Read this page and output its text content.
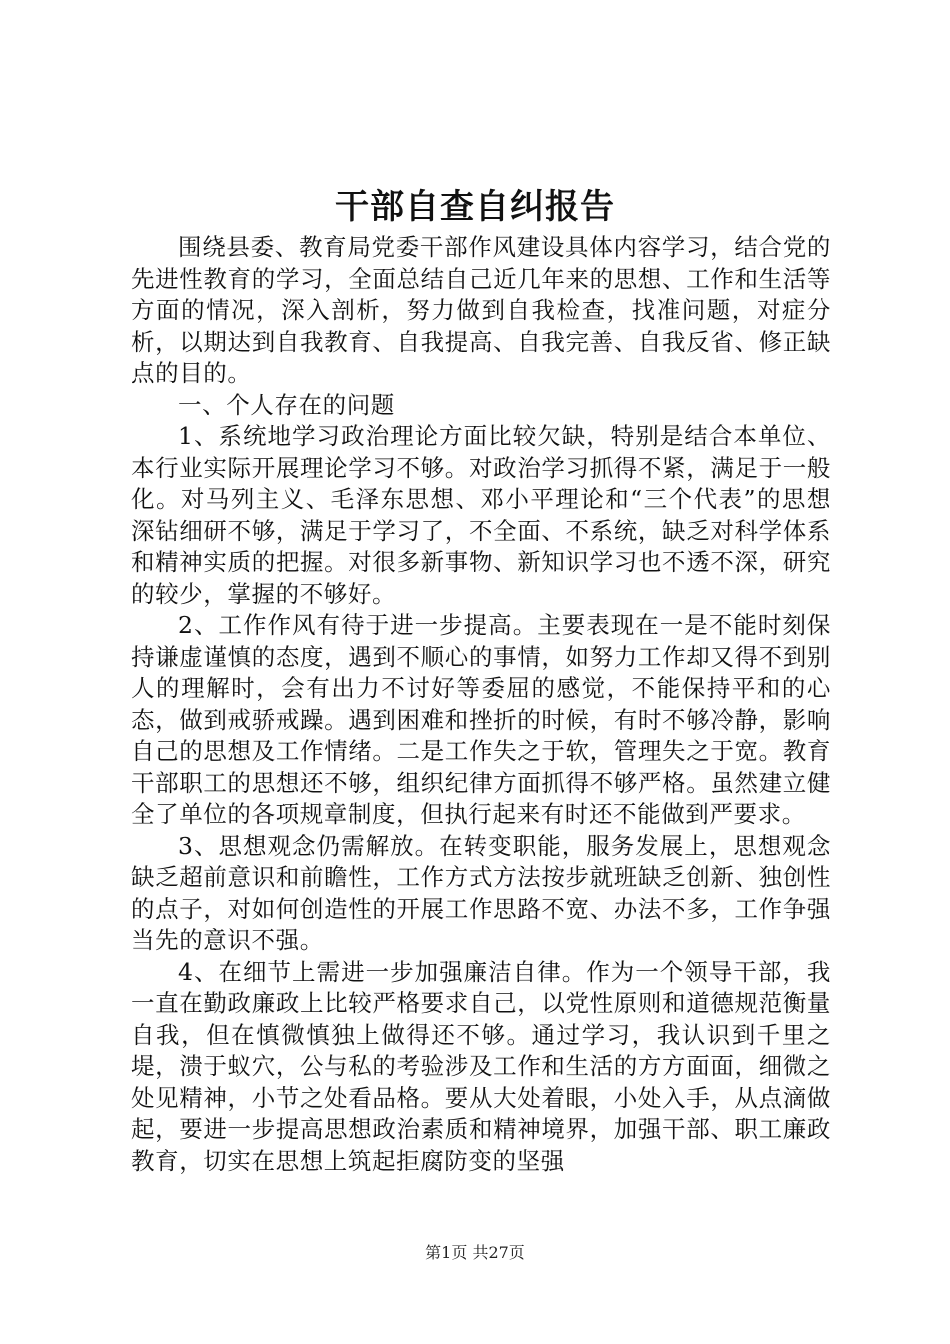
干部自查自纠报告

围绕县委、教育局党委干部作风建设具体内容学习，结合党的先进性教育的学习，全面总结自己近几年来的思想、工作和生活等方面的情况，深入剖析，努力做到自我检查，找准问题，对症分析，以期达到自我教育、自我提高、自我完善、自我反省、修正缺点的目的。

一、个人存在的问题

1、系统地学习政治理论方面比较欠缺，特别是结合本单位、本行业实际开展理论学习不够。对政治学习抓得不紧，满足于一般化。对马列主义、毛泽东思想、邓小平理论和“三个代表”的思想深钻细研不够，满足于学习了，不全面、不系统，缺乏对科学体系和精神实质的把握。对很多新事物、新知识学习也不透不深，研究的较少，掌握的不够好。

2、工作作风有待于进一步提高。主要表现在一是不能时刻保持谦虚谨慎的态度，遇到不顺心的事情，如努力工作却又得不到别人的理解时，会有出力不讨好等委屈的感觉，不能保持平和的心态，做到戒骄戒躁。遇到困难和挫折的时候，有时不够冷静，影响自己的思想及工作情绪。二是工作失之于软，管理失之于宽。教育干部职工的思想还不够，组织纪律方面抓得不够严格。虽然建立健全了单位的各项规章制度，但执行起来有时还不能做到严要求。

3、思想观念仍需解放。在转变职能，服务发展上，思想观念缺乏超前意识和前瞻性，工作方式方法按步就班缺乏创新、独创性的点子，对如何创造性的开展工作思路不宽、办法不多，工作争强当先的意识不强。

4、在细节上需进一步加强廉洁自律。作为一个领导干部，我一直在勤政廉政上比较严格要求自己，以党性原则和道德规范衡量自我，但在慎微慎独上做得还不够。通过学习，我认识到千里之堤，溃于蚁穴，公与私的考验涉及工作和生活的方方面面，细微之处见精神，小节之处看品格。要从大处着眼，小处入手，从点滴做起，要进一步提高思想政治素质和精神境界，加强干部、职工廉政教育，切实在思想上筑起拒腐防变的坚强

第1页 共27页
